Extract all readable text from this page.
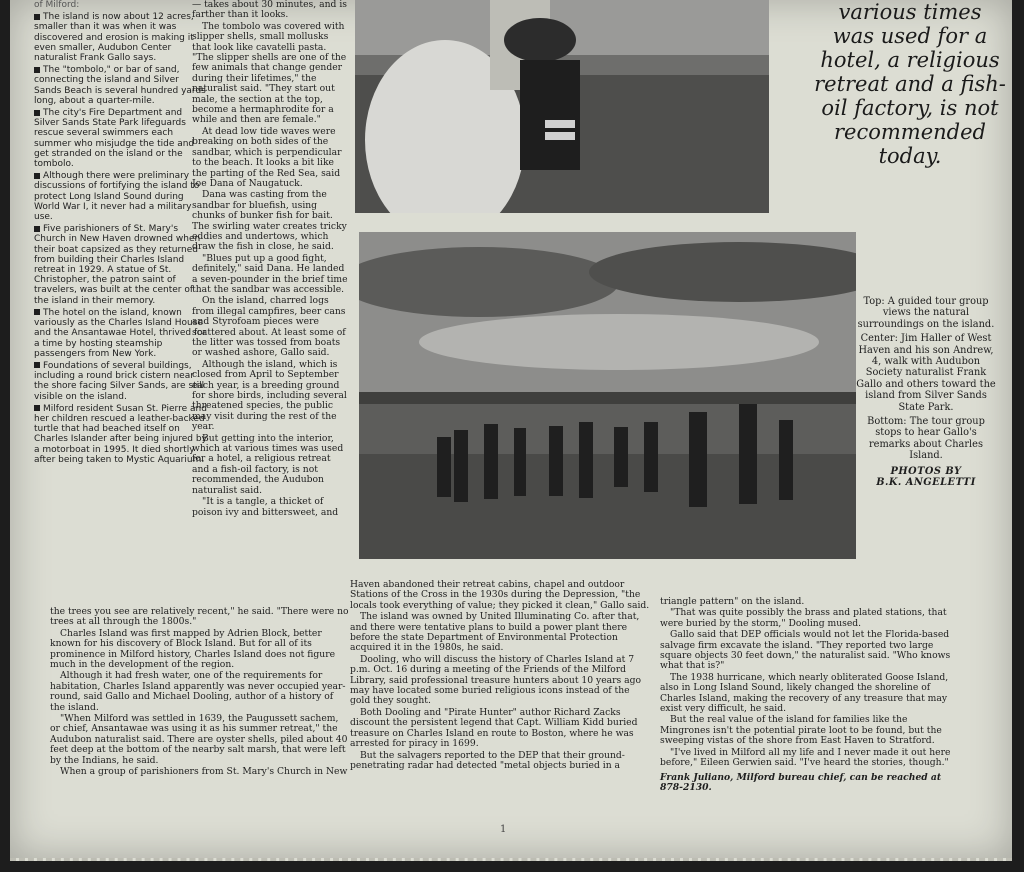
of Milford:

The island is now about 12 acres, smaller than it was when it was discovered and erosion is making it even smaller, Audubon Center naturalist Frank Gallo says.

The "tombolo," or bar of sand, connecting the island and Silver Sands Beach is several hundred yards long, about a quarter-mile.

The city's Fire Department and Silver Sands State Park lifeguards rescue several swimmers each summer who misjudge the tide and get stranded on the island or the tombolo.

Although there were preliminary discussions of fortifying the island to protect Long Island Sound during World War I, it never had a military use.

Five parishioners of St. Mary's Church in New Haven drowned when their boat capsized as they returned from building their Charles Island retreat in 1929. A statue of St. Christopher, the patron saint of travelers, was built at the center of the island in their memory.

The hotel on the island, known variously as the Charles Island House and the Ansantawae Hotel, thrived for a time by hosting steamship passengers from New York.

Foundations of several buildings, including a round brick cistern near the shore facing Silver Sands, are still visible on the island.

Milford resident Susan St. Pierre and her children rescued a leather-backed turtle that had beached itself on Charles Islander after being injured by a motorboat in 1995. It died shortly after being taken to Mystic Aquarium.

— takes about 30 minutes, and is farther than it looks.

The tombolo was covered with slipper shells, small mollusks that look like cavatelli pasta. "The slipper shells are one of the few animals that change gender during their lifetimes," the naturalist said. "They start out male, the section at the top, become a hermaphrodite for a while and then are female."

At dead low tide waves were breaking on both sides of the sandbar, which is perpendicular to the beach. It looks a bit like the parting of the Red Sea, said Joe Dana of Naugatuck.

Dana was casting from the sandbar for bluefish, using chunks of bunker fish for bait. The swirling water creates tricky eddies and undertows, which draw the fish in close, he said.

"Blues put up a good fight, definitely," said Dana. He landed a seven-pounder in the brief time that the sandbar was accessible.

On the island, charred logs from illegal campfires, beer cans and Styrofoam pieces were scattered about. At least some of the litter was tossed from boats or washed ashore, Gallo said.

Although the island, which is closed from April to September each year, is a breeding ground for shore birds, including several threatened species, the public may visit during the rest of the year.

But getting into the interior, which at various times was used for a hotel, a religious retreat and a fish-oil factory, is not recommended, the Audubon naturalist said.

"It is a tangle, a thicket of poison ivy and bittersweet, and

various times
was used for a
hotel, a religious
retreat and a fish-
oil factory, is not
recommended
today.

Top: A guided tour group views the natural surroundings on the island.

Center: Jim Haller of West Haven and his son Andrew, 4, walk with Audubon Society naturalist Frank Gallo and others toward the island from Silver Sands State Park.

Bottom: The tour group stops to hear Gallo's remarks about Charles Island.

PHOTOS BY
B.K. ANGELETTI

the trees you see are relatively recent," he said. "There were no trees at all through the 1800s."

Charles Island was first mapped by Adrien Block, better known for his discovery of Block Island. But for all of its prominence in Milford history, Charles Island does not figure much in the development of the region.

Although it had fresh water, one of the requirements for habitation, Charles Island apparently was never occupied year-round, said Gallo and Michael Dooling, author of a history of the island.

"When Milford was settled in 1639, the Paugussett sachem, or chief, Ansantawae was using it as his summer retreat," the Audubon naturalist said. There are oyster shells, piled about 40 feet deep at the bottom of the nearby salt marsh, that were left by the Indians, he said.

When a group of parishioners from St. Mary's Church in New

Haven abandoned their retreat cabins, chapel and outdoor Stations of the Cross in the 1930s during the Depression, "the locals took everything of value; they picked it clean," Gallo said.

The island was owned by United Illuminating Co. after that, and there were tentative plans to build a power plant there before the state Department of Environmental Protection acquired it in the 1980s, he said.

Dooling, who will discuss the history of Charles Island at 7 p.m. Oct. 16 during a meeting of the Friends of the Milford Library, said professional treasure hunters about 10 years ago may have located some buried religious icons instead of the gold they sought.

Both Dooling and "Pirate Hunter" author Richard Zacks discount the persistent legend that Capt. William Kidd buried treasure on Charles Island en route to Boston, where he was arrested for piracy in 1699.

But the salvagers reported to the DEP that their ground-penetrating radar had detected "metal objects buried in a

triangle pattern" on the island.

"That was quite possibly the brass and plated stations, that were buried by the storm," Dooling mused.

Gallo said that DEP officials would not let the Florida-based salvage firm excavate the island. "They reported two large square objects 30 feet down," the naturalist said. "Who knows what that is?"

The 1938 hurricane, which nearly obliterated Goose Island, also in Long Island Sound, likely changed the shoreline of Charles Island, making the recovery of any treasure that may exist very difficult, he said.

But the real value of the island for families like the Mingrones isn't the potential pirate loot to be found, but the sweeping vistas of the shore from East Haven to Stratford.

"I've lived in Milford all my life and I never made it out here before," Eileen Gerwien said. "I've heard the stories, though."

Frank Juliano, Milford bureau chief, can be reached at 878-2130.

1
